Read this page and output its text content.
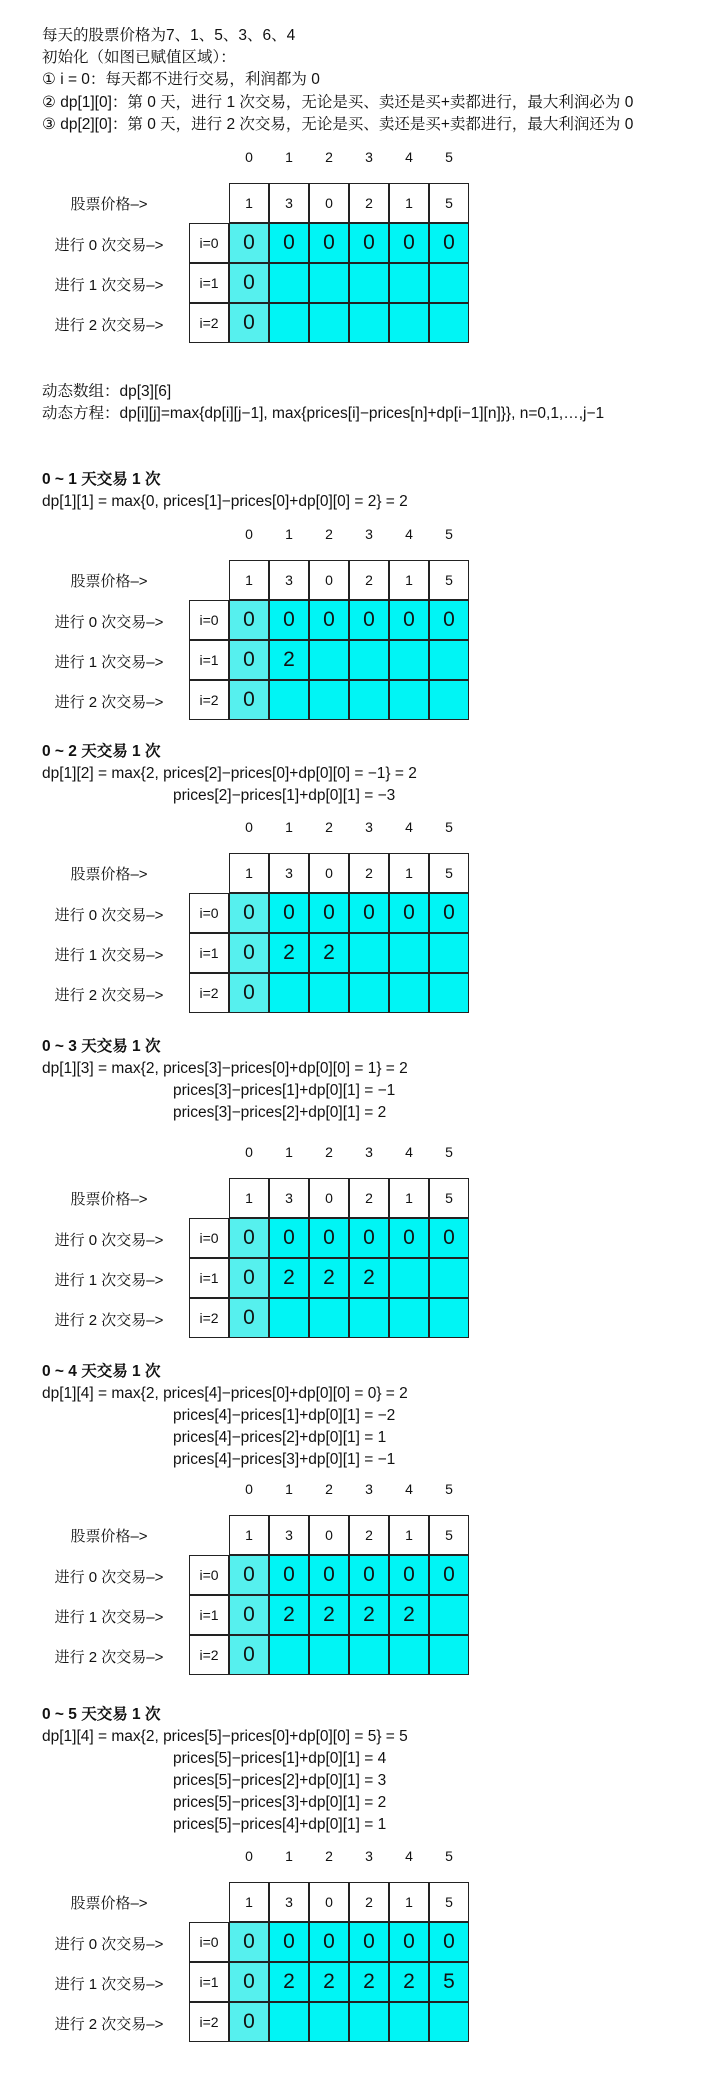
每天的股票价格为7、1、5、3、6、4
初始化（如图已赋值区域）：
① i = 0：每天都不进行交易，利润都为 0
② dp[1][0]：第 0 天，进行 1 次交易，无论是买、卖还是买+卖都进行，最大利润必为 0
③ dp[2][0]：第 0 天，进行 2 次交易，无论是买、卖还是买+卖都进行，最大利润还为 0
动态数组：dp[3][6]
动态方程：dp[i][j]=max{dp[i][j−1], max{prices[i]−prices[n]+dp[i−1][n]}}, n=0,1,…,j−1
0	1	2	3	4	5
股票价格–>	1	3	0	2	1	5
进行 0 次交易–>	i=0	0	0	0	0	0	0
进行 1 次交易–>	i=1	0
进行 2 次交易–>	i=2	0
0 ~ 1 天交易 1 次
dp[1][1] = max{0, prices[1]−prices[0]+dp[0][0] = 2} = 2
0	1	2	3	4	5
股票价格–>	1	3	0	2	1	5
进行 0 次交易–>	i=0	0	0	0	0	0	0
进行 1 次交易–>	i=1	0	2
进行 2 次交易–>	i=2	0
0 ~ 2 天交易 1 次
dp[1][2] = max{2, prices[2]−prices[0]+dp[0][0] = −1} = 2
prices[2]−prices[1]+dp[0][1] = −3
0	1	2	3	4	5
股票价格–>	1	3	0	2	1	5
进行 0 次交易–>	i=0	0	0	0	0	0	0
进行 1 次交易–>	i=1	0	2	2
进行 2 次交易–>	i=2	0
0 ~ 3 天交易 1 次
dp[1][3] = max{2, prices[3]−prices[0]+dp[0][0] = 1} = 2
prices[3]−prices[1]+dp[0][1] = −1
prices[3]−prices[2]+dp[0][1] = 2
0	1	2	3	4	5
股票价格–>	1	3	0	2	1	5
进行 0 次交易–>	i=0	0	0	0	0	0	0
进行 1 次交易–>	i=1	0	2	2	2
进行 2 次交易–>	i=2	0
0 ~ 4 天交易 1 次
dp[1][4] = max{2, prices[4]−prices[0]+dp[0][0] = 0} = 2
prices[4]−prices[1]+dp[0][1] = −2
prices[4]−prices[2]+dp[0][1] = 1
prices[4]−prices[3]+dp[0][1] = −1
0	1	2	3	4	5
股票价格–>	1	3	0	2	1	5
进行 0 次交易–>	i=0	0	0	0	0	0	0
进行 1 次交易–>	i=1	0	2	2	2	2
进行 2 次交易–>	i=2	0
0 ~ 5 天交易 1 次
dp[1][4] = max{2, prices[5]−prices[0]+dp[0][0] = 5} = 5
prices[5]−prices[1]+dp[0][1] = 4
prices[5]−prices[2]+dp[0][1] = 3
prices[5]−prices[3]+dp[0][1] = 2
prices[5]−prices[4]+dp[0][1] = 1
0	1	2	3	4	5
股票价格–>	1	3	0	2	1	5
进行 0 次交易–>	i=0	0	0	0	0	0	0
进行 1 次交易–>	i=1	0	2	2	2	2	5
进行 2 次交易–>	i=2	0
